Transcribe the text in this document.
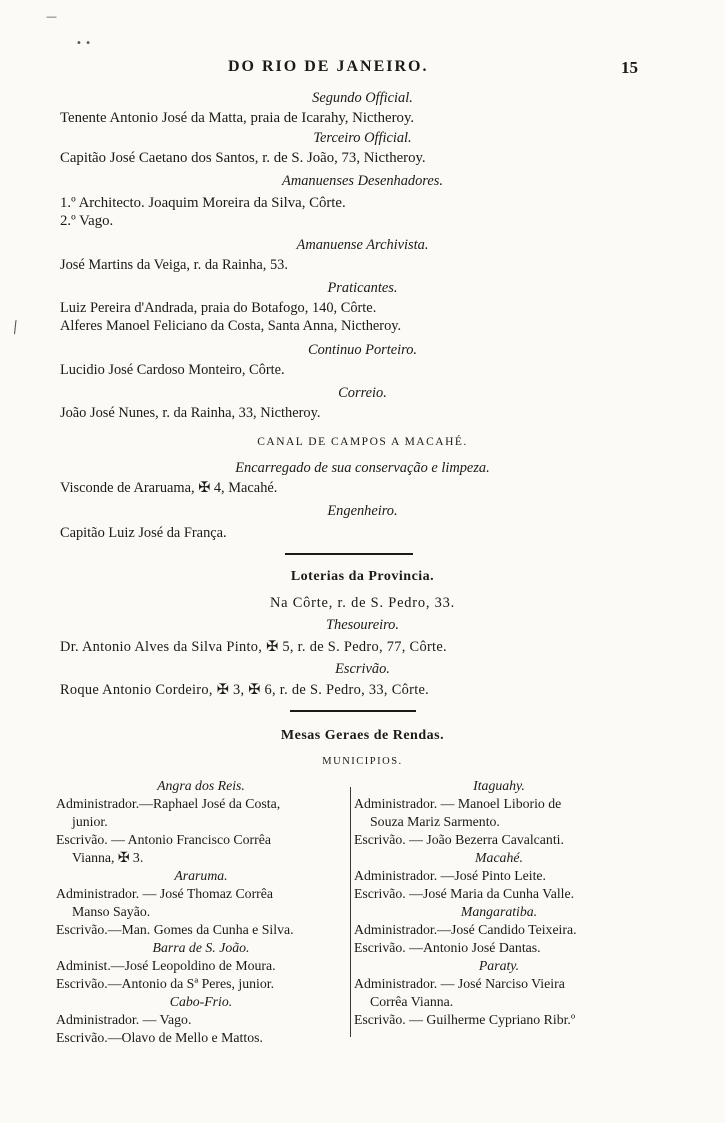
—
• •
⁄
DO RIO DE JANEIRO.	15
Segundo Official.
Tenente Antonio José da Matta, praia de Icarahy, Nictheroy.
Terceiro Official.
Capitão José Caetano dos Santos, r. de S. João, 73, Nictheroy.
Amanuenses Desenhadores.
1.º Architecto. Joaquim Moreira da Silva, Côrte.
2.º Vago.
Amanuense Archivista.
José Martins da Veiga, r. da Rainha, 53.
Praticantes.
Luiz Pereira d'Andrada, praia do Botafogo, 140, Côrte.
Alferes Manoel Feliciano da Costa, Santa Anna, Nictheroy.
Continuo Porteiro.
Lucidio José Cardoso Monteiro, Côrte.
Correio.
João José Nunes, r. da Rainha, 33, Nictheroy.
CANAL DE CAMPOS A MACAHÉ.
Encarregado de sua conservação e limpeza.
Visconde de Araruama, ✠ 4, Macahé.
Engenheiro.
Capitão Luiz José da França.
Loterias da Provincia.
Na Côrte, r. de S. Pedro, 33.
Thesoureiro.
Dr. Antonio Alves da Silva Pinto, ✠ 5, r. de S. Pedro, 77, Côrte.
Escrivão.
Roque Antonio Cordeiro, ✠ 3, ✠ 6, r. de S. Pedro, 33, Côrte.
Mesas Geraes de Rendas.
MUNICIPIOS.
Angra dos Reis.
Administrador.—Raphael José da Costa,
junior.
Escrivão. — Antonio Francisco Corrêa
Vianna, ✠ 3.
Araruma.
Administrador. — José Thomaz Corrêa
Manso Sayão.
Escrivão.—Man. Gomes da Cunha e Silva.
Barra de S. João.
Administ.—José Leopoldino de Moura.
Escrivão.—Antonio da Sª Peres, junior.
Cabo-Frio.
Administrador. — Vago.
Escrivão.—Olavo de Mello e Mattos.
Itaguahy.
Administrador. — Manoel Liborio de
Souza Mariz Sarmento.
Escrivão. — João Bezerra Cavalcanti.
Macahé.
Administrador. —José Pinto Leite.
Escrivão. —José Maria da Cunha Valle.
Mangaratiba.
Administrador.—José Candido Teixeira.
Escrivão. —Antonio José Dantas.
Paraty.
Administrador. — José Narciso Vieira
Corrêa Vianna.
Escrivão. — Guilherme Cypriano Ribr.º
